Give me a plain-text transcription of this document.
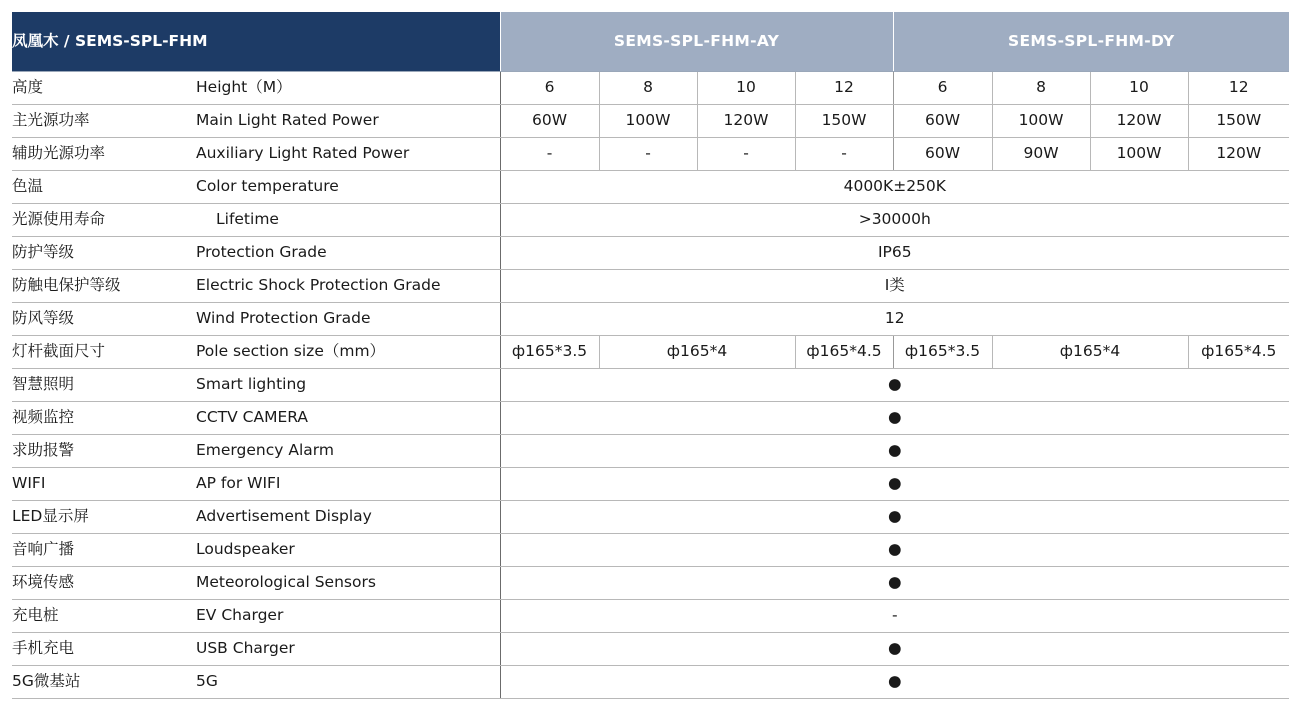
凤凰木 / SEMS-SPL-FHM		SEMS-SPL-FHM-AY				SEMS-SPL-FHM-DY			
高度	Height（M）	6	8	10	12	6	8	10	12
主光源功率	Main Light Rated Power	60W	100W	120W	150W	60W	100W	120W	150W
辅助光源功率	Auxiliary Light Rated Power	-	-	-	-	60W	90W	100W	120W
色温	Color temperature	4000K±250K							
光源使用寿命	Lifetime	>30000h							
防护等级	Protection Grade	IP65							
防触电保护等级	Electric Shock Protection Grade	I类							
防风等级	Wind Protection Grade	12							
灯杆截面尺寸	Pole section size（mm）	ф165*3.5	ф165*4		ф165*4.5	ф165*3.5	ф165*4		ф165*4.5
智慧照明	Smart lighting	●							
视频监控	CCTV CAMERA	●							
求助报警	Emergency Alarm	●							
WIFI	AP for WIFI	●							
LED显示屏	Advertisement Display	●							
音响广播	Loudspeaker	●							
环境传感	Meteorological Sensors	●							
充电桩	EV Charger	-							
手机充电	USB Charger	●							
5G微基站	5G	●							
